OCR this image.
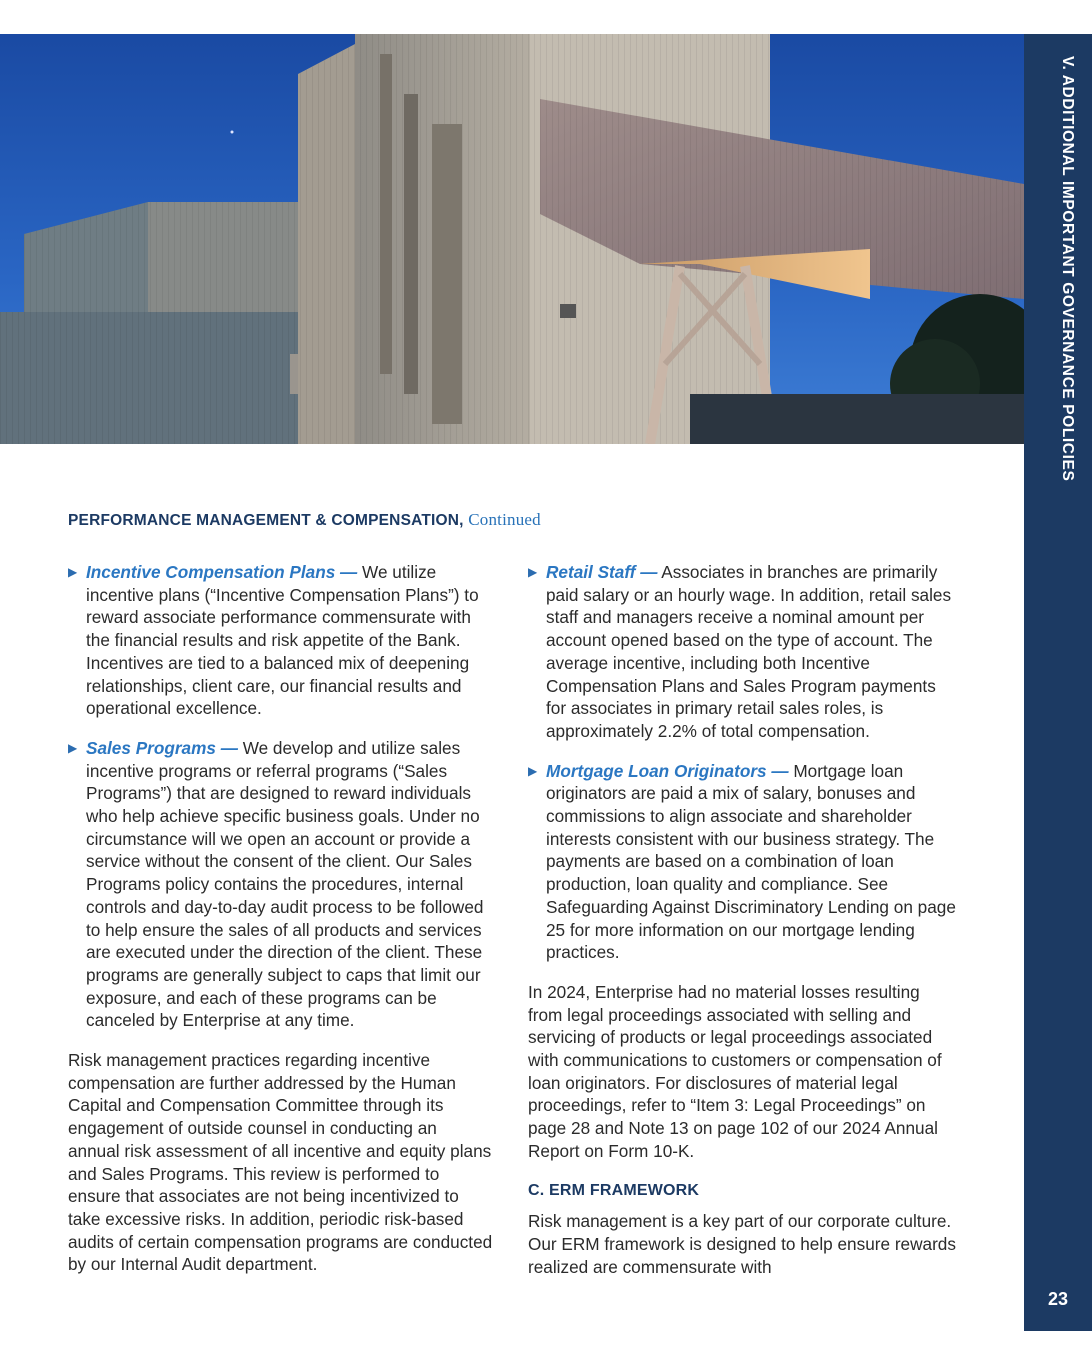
V. ADDITIONAL IMPORTANT GOVERNANCE POLICIES
23
PERFORMANCE MANAGEMENT & COMPENSATION, Continued
▶ Incentive Compensation Plans — We utilize incentive plans (“Incentive Compensation Plans”) to reward associate performance commensurate with the financial results and risk appetite of the Bank. Incentives are tied to a balanced mix of deepening relationships, client care, our financial results and operational excellence.
▶ Sales Programs — We develop and utilize sales incentive programs or referral programs (“Sales Programs”) that are designed to reward individuals who help achieve specific business goals. Under no circumstance will we open an account or provide a service without the consent of the client. Our Sales Programs policy contains the procedures, internal controls and day-to-day audit process to be followed to help ensure the sales of all products and services are executed under the direction of the client. These programs are generally subject to caps that limit our exposure, and each of these programs can be canceled by Enterprise at any time.

Risk management practices regarding incentive compensation are further addressed by the Human Capital and Compensation Committee through its engagement of outside counsel in conducting an annual risk assessment of all incentive and equity plans and Sales Programs. This review is performed to ensure that associates are not being incentivized to take excessive risks. In addition, periodic risk-based audits of certain compensation programs are conducted by our Internal Audit department.

▶ Retail Staff — Associates in branches are primarily paid salary or an hourly wage. In addition, retail sales staff and managers receive a nominal amount per account opened based on the type of account. The average incentive, including both Incentive Compensation Plans and Sales Program payments for associates in primary retail sales roles, is approximately 2.2% of total compensation.
▶ Mortgage Loan Originators — Mortgage loan originators are paid a mix of salary, bonuses and commissions to align associate and shareholder interests consistent with our business strategy. The payments are based on a combination of loan production, loan quality and compliance. See Safeguarding Against Discriminatory Lending on page 25 for more information on our mortgage lending practices.

In 2024, Enterprise had no material losses resulting from legal proceedings associated with selling and servicing of products or legal proceedings associated with communications to customers or compensation of loan originators. For disclosures of material legal proceedings, refer to “Item 3: Legal Proceedings” on page 28 and Note 13 on page 102 of our 2024 Annual Report on Form 10-K.

C. ERM FRAMEWORK

Risk management is a key part of our corporate culture. Our ERM framework is designed to help ensure rewards realized are commensurate with
